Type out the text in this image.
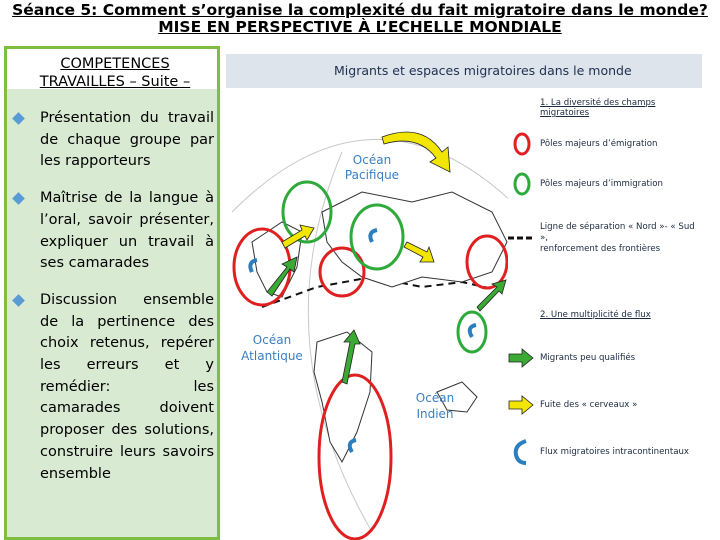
Séance 5: Comment s’organise la complexité du fait migratoire dans le monde?
MISE EN PERSPECTIVE À L’ECHELLE MONDIALE
COMPETENCES
TRAVAILLES – Suite –
Présentation du travail de chaque groupe par les rapporteurs
Maîtrise de la langue à l’oral, savoir présenter, expliquer un travail à ses camarades
Discussion ensemble de la pertinence des choix retenus, repérer les erreurs et y remédier: les camarades doivent proposer des solutions, construire leurs savoirs ensemble
Migrants et espaces migratoires dans le monde
Océan
Pacifique
Océan
Atlantique
Océan
Indien
1. La diversité des champs migratoires
Pôles majeurs d’émigration
Pôles majeurs d’immigration
Ligne de séparation « Nord »- « Sud »,
renforcement des frontières
2. Une multiplicité de flux
Migrants peu qualifiés
Fuite des « cerveaux »
Flux migratoires intracontinentaux
